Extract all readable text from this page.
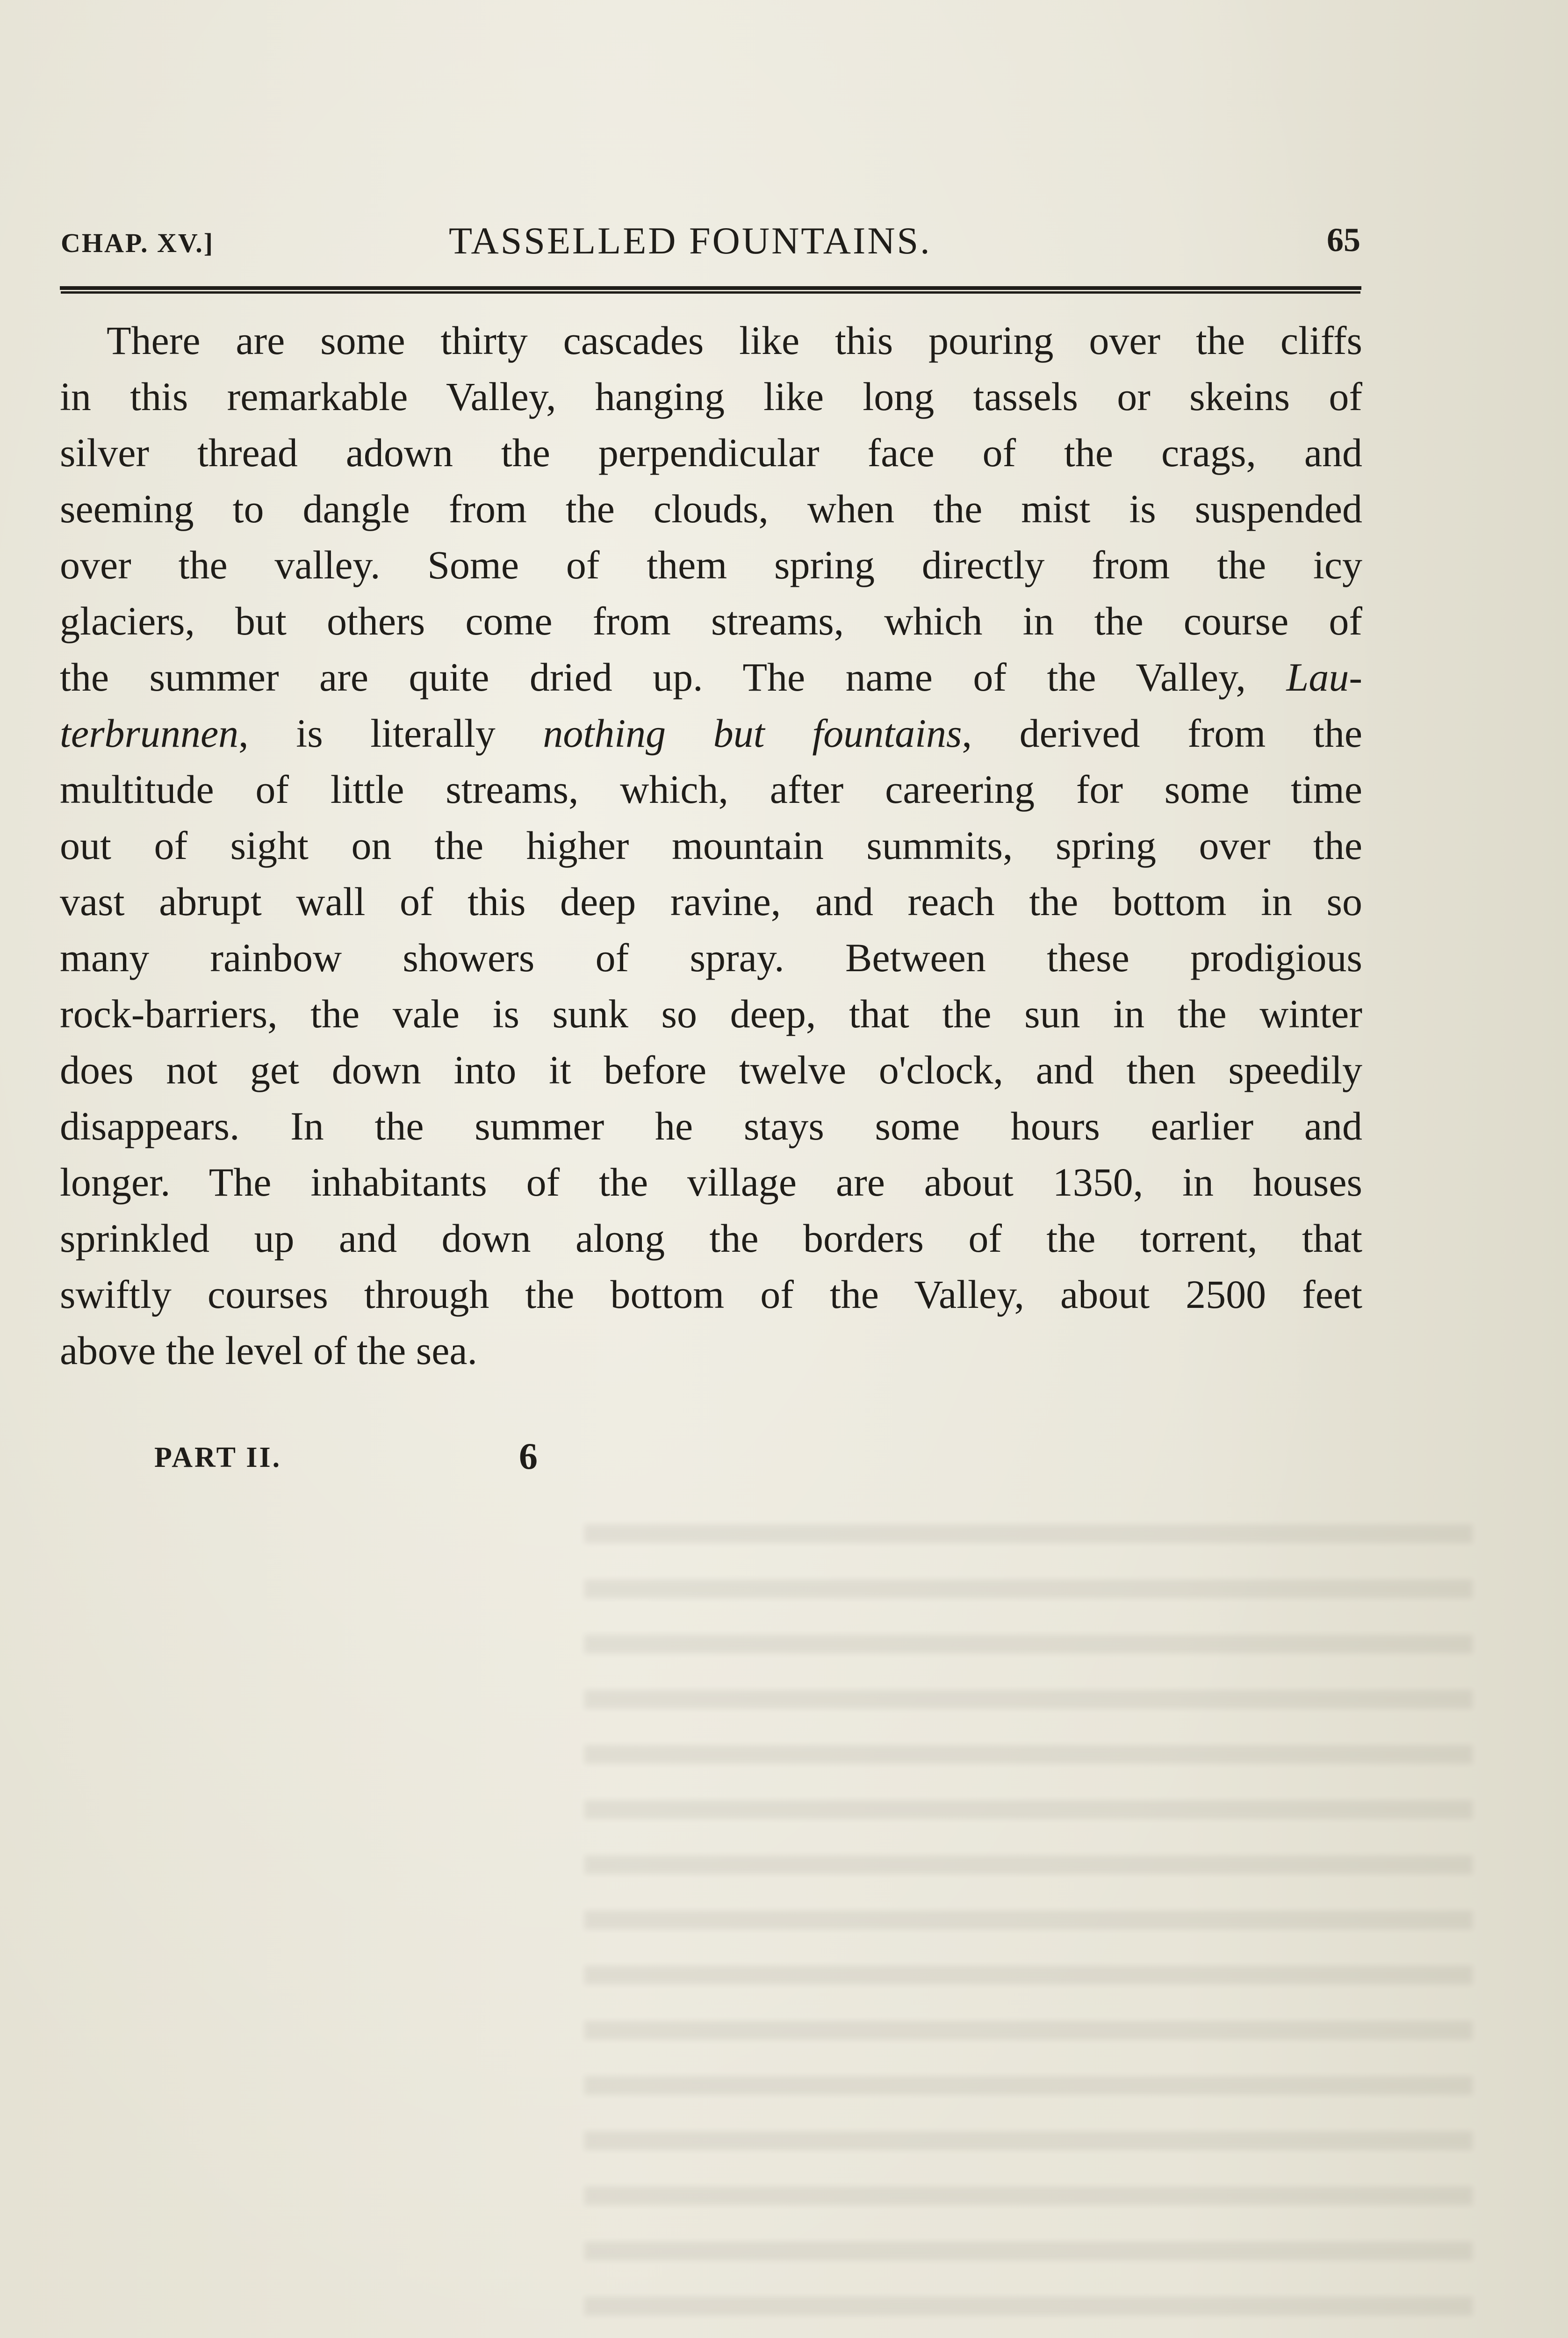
CHAP. XV.]	TASSELLED FOUNTAINS.	65
There are some thirty cascades like this pouring over the cliffs
in this remarkable Valley, hanging like long tassels or skeins of
silver thread adown the perpendicular face of the crags, and
seeming to dangle from the clouds, when the mist is suspended
over the valley. Some of them spring directly from the icy
glaciers, but others come from streams, which in the course of
the summer are quite dried up. The name of the Valley, Lau-
terbrunnen, is literally nothing but fountains, derived from the
multitude of little streams, which, after careering for some time
out of sight on the higher mountain summits, spring over the
vast abrupt wall of this deep ravine, and reach the bottom in so
many rainbow showers of spray. Between these prodigious
rock-barriers, the vale is sunk so deep, that the sun in the winter
does not get down into it before twelve o'clock, and then speedily
disappears. In the summer he stays some hours earlier and
longer. The inhabitants of the village are about 1350, in houses
sprinkled up and down along the borders of the torrent, that
swiftly courses through the bottom of the Valley, about 2500 feet
above the level of the sea.
PART II.	6
